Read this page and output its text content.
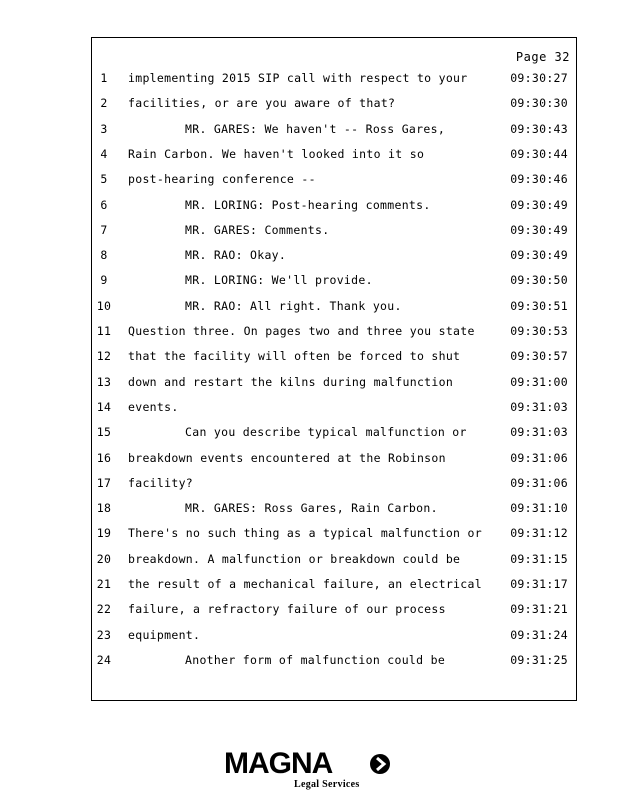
Page 32
1	implementing 2015 SIP call with respect to your	09:30:27
2	facilities, or are you aware of that?	09:30:30
3	MR. GARES: We haven't -- Ross Gares,	09:30:43
4	Rain Carbon. We haven't looked into it so	09:30:44
5	post-hearing conference --	09:30:46
6	MR. LORING: Post-hearing comments.	09:30:49
7	MR. GARES: Comments.	09:30:49
8	MR. RAO: Okay.	09:30:49
9	MR. LORING: We'll provide.	09:30:50
10	MR. RAO: All right. Thank you.	09:30:51
11	Question three. On pages two and three you state	09:30:53
12	that the facility will often be forced to shut	09:30:57
13	down and restart the kilns during malfunction	09:31:00
14	events.	09:31:03
15	Can you describe typical malfunction or	09:31:03
16	breakdown events encountered at the Robinson	09:31:06
17	facility?	09:31:06
18	MR. GARES: Ross Gares, Rain Carbon.	09:31:10
19	There's no such thing as a typical malfunction or 09:31:12
20	breakdown. A malfunction or breakdown could be	09:31:15
21	the result of a mechanical failure, an electrical 09:31:17
22	failure, a refractory failure of our process	09:31:21
23	equipment.	09:31:24
24	Another form of malfunction could be	09:31:25
MAGNA
Legal Services
